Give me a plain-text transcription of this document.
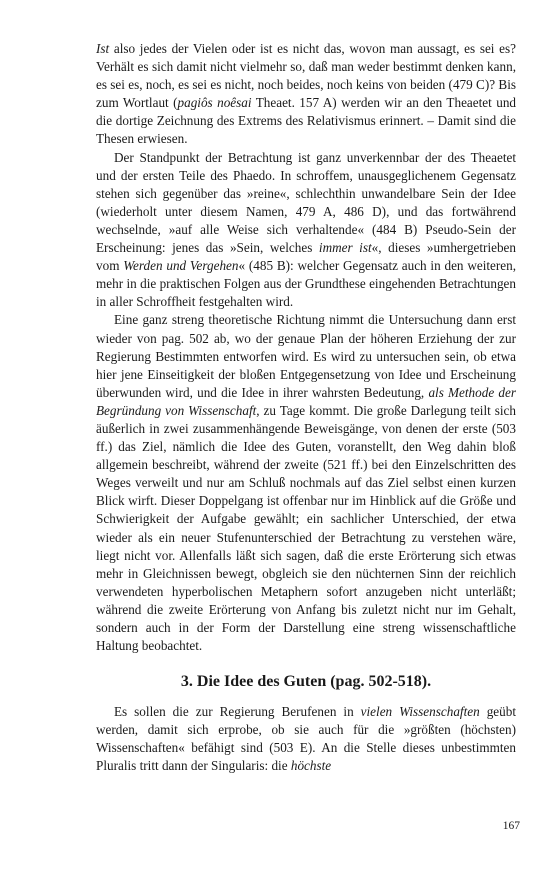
Ist also jedes der Vielen oder ist es nicht das, wovon man aussagt, es sei es? Verhält es sich damit nicht vielmehr so, daß man weder bestimmt denken kann, es sei es, noch, es sei es nicht, noch beides, noch keins von beiden (479 C)? Bis zum Wortlaut (pagiôs noêsai Theaet. 157 A) werden wir an den Theaetet und die dortige Zeichnung des Extrems des Relativismus erinnert. – Damit sind die Thesen erwiesen.

Der Standpunkt der Betrachtung ist ganz unverkennbar der des Theaetet und der ersten Teile des Phaedo. In schroffem, unausgeglichenem Gegensatz stehen sich gegenüber das »reine«, schlechthin unwandelbare Sein der Idee (wiederholt unter diesem Namen, 479 A, 486 D), und das fortwährend wechselnde, »auf alle Weise sich verhaltende« (484 B) Pseudo-Sein der Erscheinung: jenes das »Sein, welches immer ist«, dieses »umhergetrieben vom Werden und Vergehen« (485 B): welcher Gegensatz auch in den weiteren, mehr in die praktischen Folgen aus der Grundthese eingehenden Betrachtungen in aller Schroffheit festgehalten wird.

Eine ganz streng theoretische Richtung nimmt die Untersuchung dann erst wieder von pag. 502 ab, wo der genaue Plan der höheren Erziehung der zur Regierung Bestimmten entworfen wird. Es wird zu untersuchen sein, ob etwa hier jene Einseitigkeit der bloßen Entgegensetzung von Idee und Erscheinung überwunden wird, und die Idee in ihrer wahrsten Bedeutung, als Methode der Begründung von Wissenschaft, zu Tage kommt. Die große Darlegung teilt sich äußerlich in zwei zusammenhängende Beweisgänge, von denen der erste (503 ff.) das Ziel, nämlich die Idee des Guten, voranstellt, den Weg dahin bloß allgemein beschreibt, während der zweite (521 ff.) bei den Einzelschritten des Weges verweilt und nur am Schluß nochmals auf das Ziel selbst einen kurzen Blick wirft. Dieser Doppelgang ist offenbar nur im Hinblick auf die Größe und Schwierigkeit der Aufgabe gewählt; ein sachlicher Unterschied, der etwa wieder als ein neuer Stufenunterschied der Betrachtung zu verstehen wäre, liegt nicht vor. Allenfalls läßt sich sagen, daß die erste Erörterung sich etwas mehr in Gleichnissen bewegt, obgleich sie den nüchternen Sinn der reichlich verwendeten hyperbolischen Metaphern sofort anzugeben nicht unterläßt; während die zweite Erörterung von Anfang bis zuletzt nicht nur im Gehalt, sondern auch in der Form der Darstellung eine streng wissenschaftliche Haltung beobachtet.

3. Die Idee des Guten (pag. 502-518).

Es sollen die zur Regierung Berufenen in vielen Wissenschaften geübt werden, damit sich erprobe, ob sie auch für die »größten (höchsten) Wissenschaften« befähigt sind (503 E). An die Stelle dieses unbestimmten Pluralis tritt dann der Singularis: die höchste

167
